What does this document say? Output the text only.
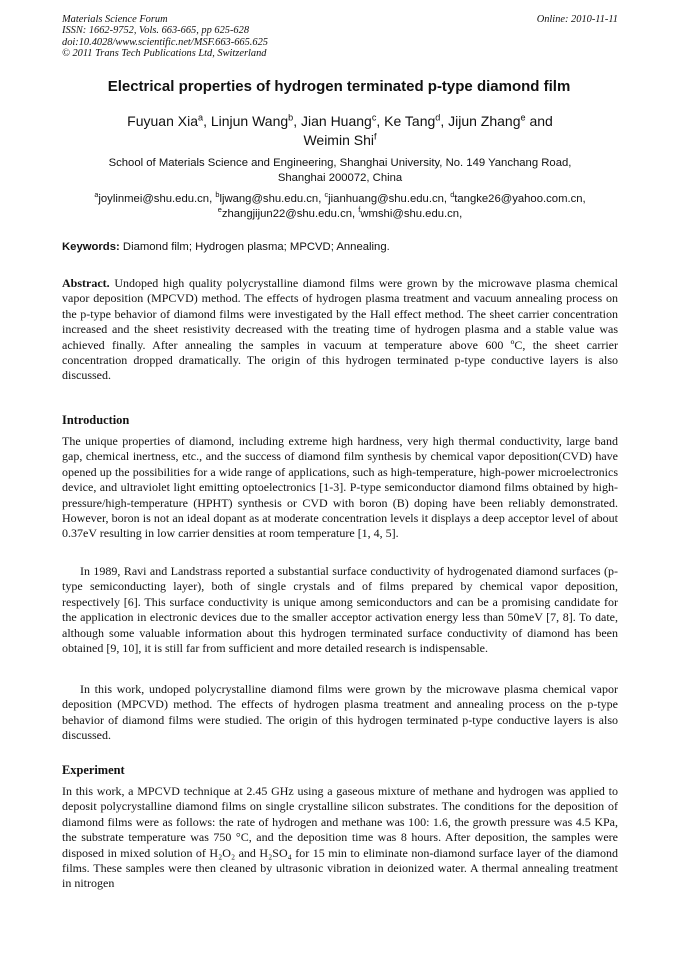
Materials Science Forum
ISSN: 1662-9752, Vols. 663-665, pp 625-628
doi:10.4028/www.scientific.net/MSF.663-665.625
© 2011 Trans Tech Publications Ltd, Switzerland
Online: 2010-11-11
Electrical properties of hydrogen terminated p-type diamond film
Fuyuan Xia$^a$, Linjun Wang$^b$, Jian Huang$^c$, Ke Tang$^d$, Jijun Zhang$^e$ and
Weimin Shi$^f$
School of Materials Science and Engineering, Shanghai University, No. 149 Yanchang Road,
Shanghai 200072, China
$^a$joylinmei@shu.edu.cn, $^b$ljwang@shu.edu.cn, $^c$jianhuang@shu.edu.cn, $^d$tangke26@yahoo.com.cn,
$^e$zhangjijun22@shu.edu.cn, $^f$wmshi@shu.edu.cn,
Keywords: Diamond film; Hydrogen plasma; MPCVD; Annealing.
Abstract. Undoped high quality polycrystalline diamond films were grown by the microwave plasma chemical vapor deposition (MPCVD) method. The effects of hydrogen plasma treatment and vacuum annealing process on the p-type behavior of diamond films were investigated by the Hall effect method. The sheet carrier concentration increased and the sheet resistivity decreased with the treating time of hydrogen plasma and a stable value was achieved finally. After annealing the samples in vacuum at temperature above 600 ºC, the sheet carrier concentration dropped dramatically. The origin of this hydrogen terminated p-type conductive layers is also discussed.
Introduction

The unique properties of diamond, including extreme high hardness, very high thermal conductivity, large band gap, chemical inertness, etc., and the success of diamond film synthesis by chemical vapor deposition(CVD) have opened up the possibilities for a wide range of applications, such as high-temperature, high-power microelectronics device, and ultraviolet light emitting optoelectronics [1-3]. P-type semiconductor diamond films obtained by high-pressure/high-temperature (HPHT) synthesis or CVD with boron (B) doping have been reliably demonstrated. However, boron is not an ideal dopant as at moderate concentration levels it displays a deep acceptor level of about 0.37eV resulting in low carrier densities at room temperature [1, 4, 5].

In 1989, Ravi and Landstrass reported a substantial surface conductivity of hydrogenated diamond surfaces (p-type semiconducting layer), both of single crystals and of films prepared by chemical vapor deposition, respectively [6]. This surface conductivity is unique among semiconductors and can be a promising candidate for the application in electronic devices due to the smaller acceptor activation energy less than 50meV [7, 8]. To date, although some valuable information about this hydrogen terminated surface conductivity of diamond has been obtained [9, 10], it is still far from sufficient and more detailed research is indispensable.

In this work, undoped polycrystalline diamond films were grown by the microwave plasma chemical vapor deposition (MPCVD) method. The effects of hydrogen plasma treatment and annealing process on the p-type behavior of diamond films were studied. The origin of this hydrogen terminated p-type conductive layers is also discussed.

Experiment

In this work, a MPCVD technique at 2.45 GHz using a gaseous mixture of methane and hydrogen was applied to deposit polycrystalline diamond films on single crystalline silicon substrates. The conditions for the deposition of diamond films were as follows: the rate of hydrogen and methane was 100: 1.6, the growth pressure was 4.5 KPa, the substrate temperature was 750 °C, and the deposition time was 8 hours. After deposition, the samples were disposed in mixed solution of H₂O₂ and H₂SO₄ for 15 min to eliminate non-diamond surface layer of the diamond films. These samples were then cleaned by ultrasonic vibration in deionized water. A thermal annealing treatment in nitrogen
